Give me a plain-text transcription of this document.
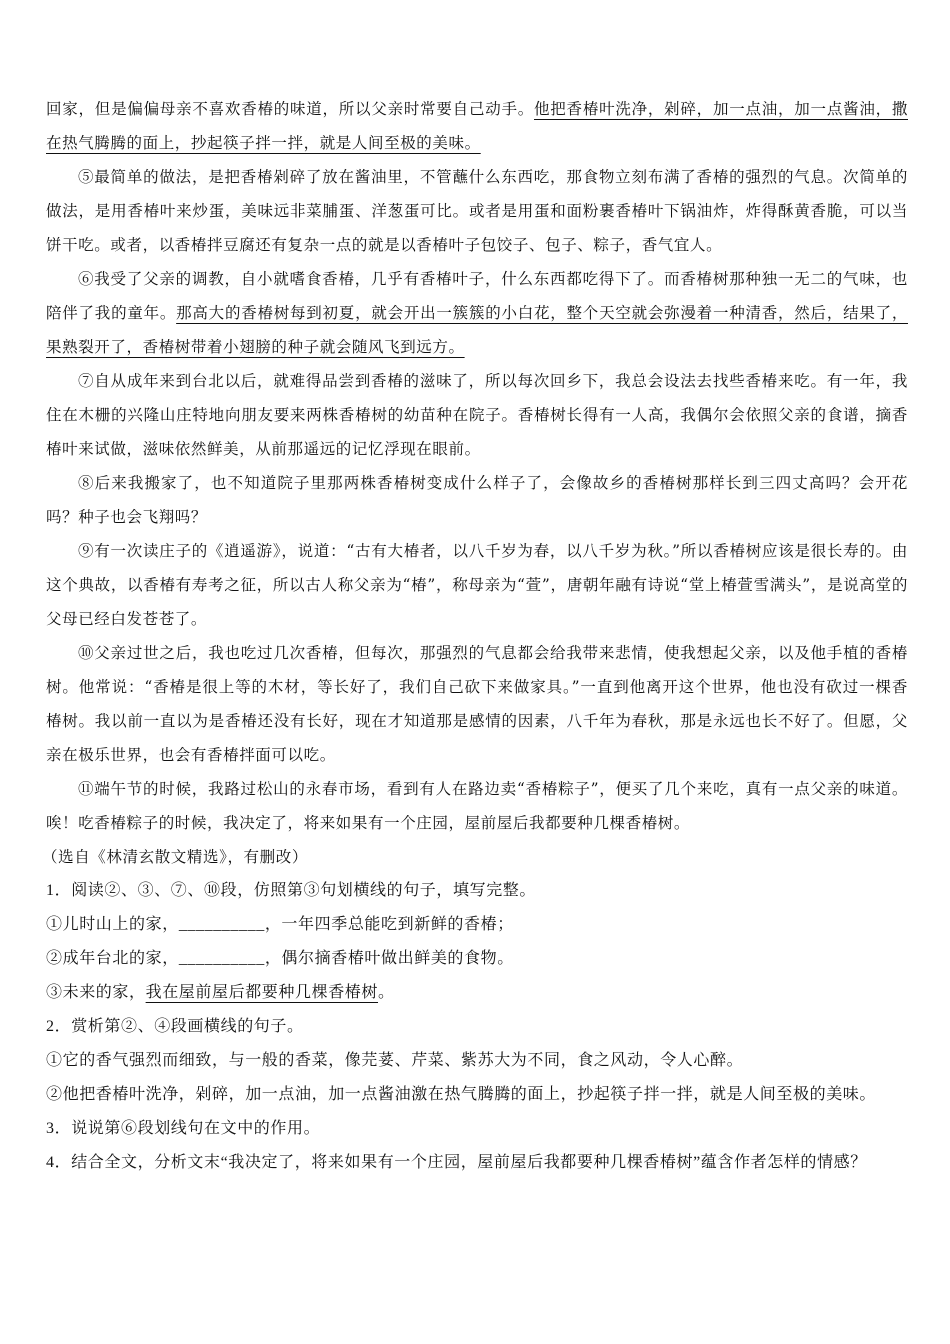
回家，但是偏偏母亲不喜欢香椿的味道，所以父亲时常要自己动手。他把香椿叶洗净，剁碎，加一点油，加一点酱油，撒在热气腾腾的面上，抄起筷子拌一拌，就是人间至极的美味。

⑤最简单的做法，是把香椿剁碎了放在酱油里，不管蘸什么东西吃，那食物立刻布满了香椿的强烈的气息。次简单的做法，是用香椿叶来炒蛋，美味远非菜脯蛋、洋葱蛋可比。或者是用蛋和面粉裹香椿叶下锅油炸，炸得酥黄香脆，可以当饼干吃。或者，以香椿拌豆腐还有复杂一点的就是以香椿叶子包饺子、包子、粽子，香气宜人。

⑥我受了父亲的调教，自小就嗜食香椿，几乎有香椿叶子，什么东西都吃得下了。而香椿树那种独一无二的气味，也陪伴了我的童年。那高大的香椿树每到初夏，就会开出一簇簇的小白花，整个天空就会弥漫着一种清香，然后，结果了，果熟裂开了，香椿树带着小翅膀的种子就会随风飞到远方。

⑦自从成年来到台北以后，就难得品尝到香椿的滋味了，所以每次回乡下，我总会设法去找些香椿来吃。有一年，我住在木栅的兴隆山庄特地向朋友要来两株香椿树的幼苗种在院子。香椿树长得有一人高，我偶尔会依照父亲的食谱，摘香椿叶来试做，滋味依然鲜美，从前那遥远的记忆浮现在眼前。

⑧后来我搬家了，也不知道院子里那两株香椿树变成什么样子了，会像故乡的香椿树那样长到三四丈高吗？会开花吗？种子也会飞翔吗？

⑨有一次读庄子的《逍遥游》，说道：“古有大椿者，以八千岁为春，以八千岁为秋。”所以香椿树应该是很长寿的。由这个典故，以香椿有寿考之征，所以古人称父亲为“椿”，称母亲为“萱”，唐朝年融有诗说“堂上椿萱雪满头”，是说高堂的父母已经白发苍苍了。

⑩父亲过世之后，我也吃过几次香椿，但每次，那强烈的气息都会给我带来悲情，使我想起父亲，以及他手植的香椿树。他常说：“香椿是很上等的木材，等长好了，我们自己砍下来做家具。”一直到他离开这个世界，他也没有砍过一棵香椿树。我以前一直以为是香椿还没有长好，现在才知道那是感情的因素，八千年为春秋，那是永远也长不好了。但愿，父亲在极乐世界，也会有香椿拌面可以吃。

⑪端午节的时候，我路过松山的永春市场，看到有人在路边卖“香椿粽子”，便买了几个来吃，真有一点父亲的味道。唉！吃香椿粽子的时候，我决定了，将来如果有一个庄园，屋前屋后我都要种几棵香椿树。

（选自《林清玄散文精选》，有删改）

1．阅读②、③、⑦、⑩段，仿照第③句划横线的句子，填写完整。

①儿时山上的家，__________，一年四季总能吃到新鲜的香椿；

②成年台北的家，__________，偶尔摘香椿叶做出鲜美的食物。

③未来的家，我在屋前屋后都要种几棵香椿树。

2．赏析第②、④段画横线的句子。

①它的香气强烈而细致，与一般的香菜，像芫荽、芹菜、紫苏大为不同，食之风动，令人心醉。

②他把香椿叶洗净，剁碎，加一点油，加一点酱油激在热气腾腾的面上，抄起筷子拌一拌，就是人间至极的美味。

3．说说第⑥段划线句在文中的作用。

4．结合全文，分析文末“我决定了，将来如果有一个庄园，屋前屋后我都要种几棵香椿树”蕴含作者怎样的情感？
